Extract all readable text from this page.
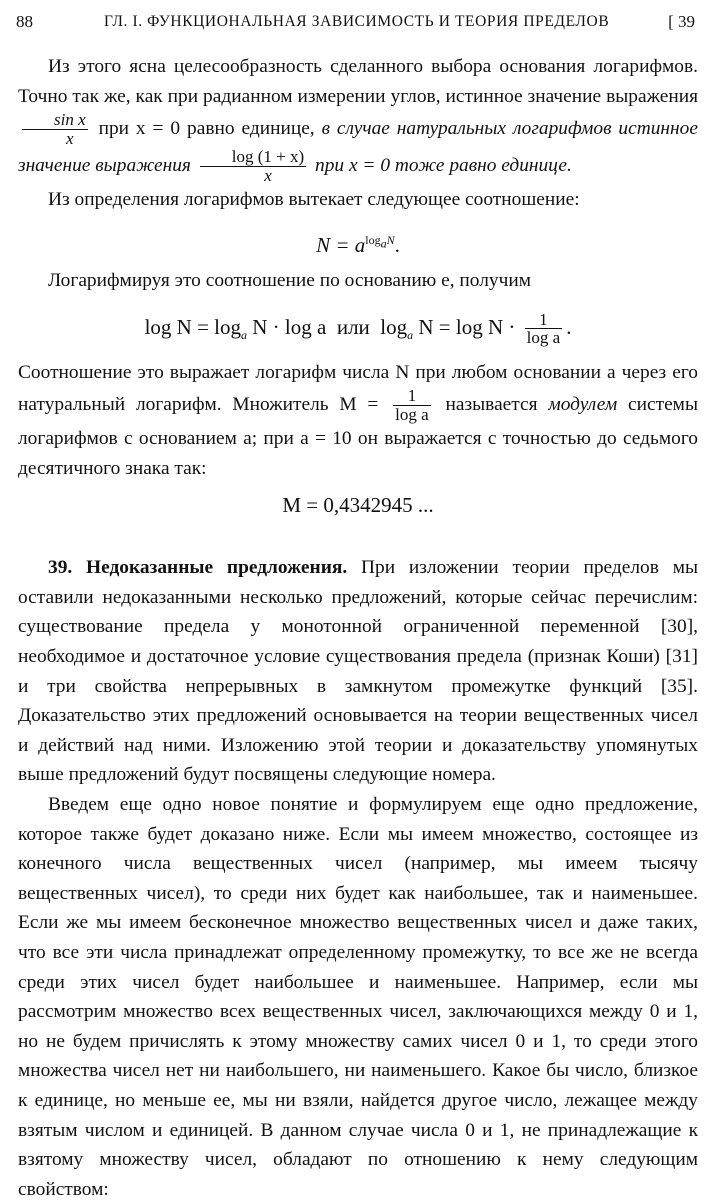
88	ГЛ. I. ФУНКЦИОНАЛЬНАЯ ЗАВИСИМОСТЬ И ТЕОРИЯ ПРЕДЕЛОВ	[ 39

Из этого ясна целесообразность сделанного выбора основания логарифмов. Точно так же, как при радианном измерении углов, истинное значение выражения
$\frac{\text{sin x}}{x}$ при x = 0 равно единице, в случае натуральных логарифмов истинное значение выражения $\frac{\log (1 + x)}{x}$ при x = 0 тоже равно единице.

Из определения логарифмов вытекает следующее соотношение:

$N = a^{log_aN}$.

Логарифмируя это соотношение по основанию e, получим

$\log N = \log_a N \cdot \log a$ или $\log_a N = \log N \cdot \frac{1}{\text{log a}}$ .

Соотношение это выражает логарифм числа N при любом основании a через его натуральный логарифм. Множитель $M = \frac{1}{\text{log a}}$ называется модулем системы логарифмов с основанием a; при a = 10 он выражается с точностью до седьмого десятичного знака так:

M = 0,4342945 ...

39. Недоказанные предложения. При изложении теории пределов мы оставили недоказанными несколько предложений, которые сейчас перечислим: существование предела у монотонной ограниченной переменной [30], необходимое и достаточное условие существования предела (признак Коши) [31] и три свойства непрерывных в замкнутом промежутке функций [35]. Доказательство этих предложений основывается на теории вещественных чисел и действий над ними. Изложению этой теории и доказательству упомянутых выше предложений будут посвящены следующие номера.

Введем еще одно новое понятие и формулируем еще одно предложение, которое также будет доказано ниже. Если мы имеем множество, состоящее из конечного числа вещественных чисел (например, мы имеем тысячу вещественных чисел), то среди них будет как наибольшее, так и наименьшее. Если же мы имеем бесконечное множество вещественных чисел и даже таких, что все эти числа принадлежат определенному промежутку, то все же не всегда среди этих чисел будет наибольшее и наименьшее. Например, если мы рассмотрим множество всех вещественных чисел, заключающихся между 0 и 1, но не будем причислять к этому множеству самих чисел 0 и 1, то среди этого множества чисел нет ни наибольшего, ни наименьшего. Какое бы число, близкое к единице, но меньше ее, мы ни взяли, найдется другое число, лежащее между взятым числом и единицей. В данном случае числа 0 и 1, не принадлежащие к взятому множеству чисел, обладают по отношению к нему следующим свойством:
